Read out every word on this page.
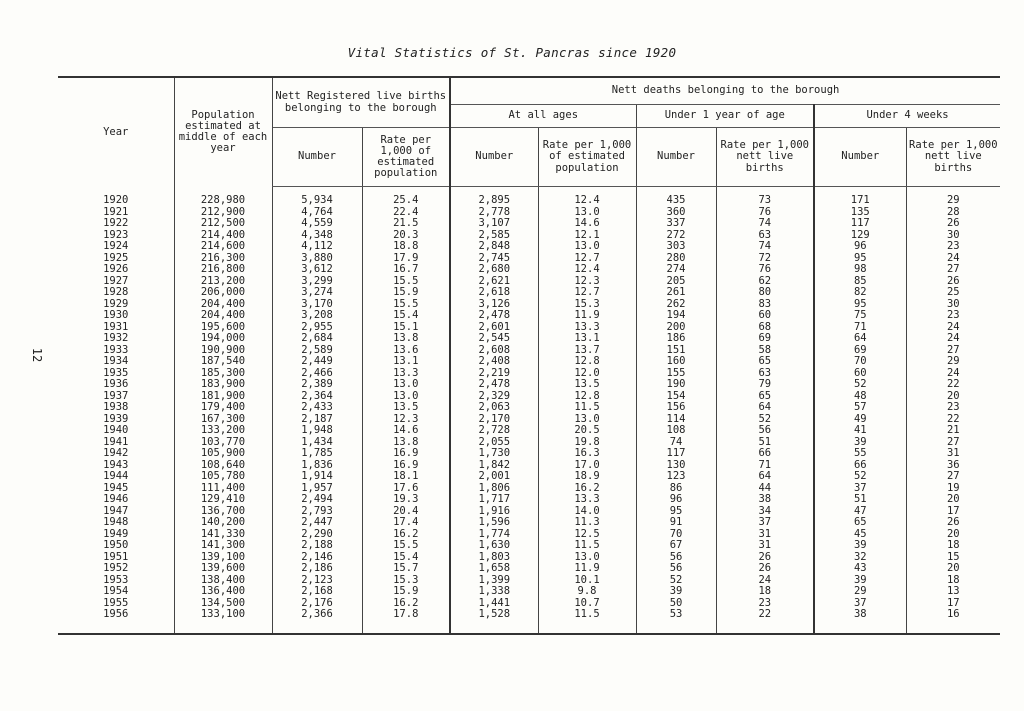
Vital Statistics of St. Pancras since 1920
12
Year	Population estimated at middle of each year	Nett Registered live births belonging to the borough		Nett deaths belonging to the borough					
				At all ages		Under 1 year of age		Under 4 weeks	
		Number	Rate per 1,000 of estimated population	Number	Rate per 1,000 of estimated population	Number	Rate per 1,000 nett live births	Number	Rate per 1,000 nett live births
1920	228,980	5,934	25.4	2,895	12.4	435	73	171	29
1921	212,900	4,764	22.4	2,778	13.0	360	76	135	28
1922	212,500	4,559	21.5	3,107	14.6	337	74	117	26
1923	214,400	4,348	20.3	2,585	12.1	272	63	129	30
1924	214,600	4,112	18.8	2,848	13.0	303	74	96	23
1925	216,300	3,880	17.9	2,745	12.7	280	72	95	24
1926	216,800	3,612	16.7	2,680	12.4	274	76	98	27
1927	213,200	3,299	15.5	2,621	12.3	205	62	85	26
1928	206,000	3,274	15.9	2,618	12.7	261	80	82	25
1929	204,400	3,170	15.5	3,126	15.3	262	83	95	30
1930	204,400	3,208	15.4	2,478	11.9	194	60	75	23
1931	195,600	2,955	15.1	2,601	13.3	200	68	71	24
1932	194,000	2,684	13.8	2,545	13.1	186	69	64	24
1933	190,900	2,589	13.6	2,608	13.7	151	58	69	27
1934	187,540	2,449	13.1	2,408	12.8	160	65	70	29
1935	185,300	2,466	13.3	2,219	12.0	155	63	60	24
1936	183,900	2,389	13.0	2,478	13.5	190	79	52	22
1937	181,900	2,364	13.0	2,329	12.8	154	65	48	20
1938	179,400	2,433	13.5	2,063	11.5	156	64	57	23
1939	167,300	2,187	12.3	2,170	13.0	114	52	49	22
1940	133,200	1,948	14.6	2,728	20.5	108	56	41	21
1941	103,770	1,434	13.8	2,055	19.8	74	51	39	27
1942	105,900	1,785	16.9	1,730	16.3	117	66	55	31
1943	108,640	1,836	16.9	1,842	17.0	130	71	66	36
1944	105,780	1,914	18.1	2,001	18.9	123	64	52	27
1945	111,400	1,957	17.6	1,806	16.2	86	44	37	19
1946	129,410	2,494	19.3	1,717	13.3	96	38	51	20
1947	136,700	2,793	20.4	1,916	14.0	95	34	47	17
1948	140,200	2,447	17.4	1,596	11.3	91	37	65	26
1949	141,330	2,290	16.2	1,774	12.5	70	31	45	20
1950	141,300	2,188	15.5	1,630	11.5	67	31	39	18
1951	139,100	2,146	15.4	1,803	13.0	56	26	32	15
1952	139,600	2,186	15.7	1,658	11.9	56	26	43	20
1953	138,400	2,123	15.3	1,399	10.1	52	24	39	18
1954	136,400	2,168	15.9	1,338	9.8	39	18	29	13
1955	134,500	2,176	16.2	1,441	10.7	50	23	37	17
1956	133,100	2,366	17.8	1,528	11.5	53	22	38	16
